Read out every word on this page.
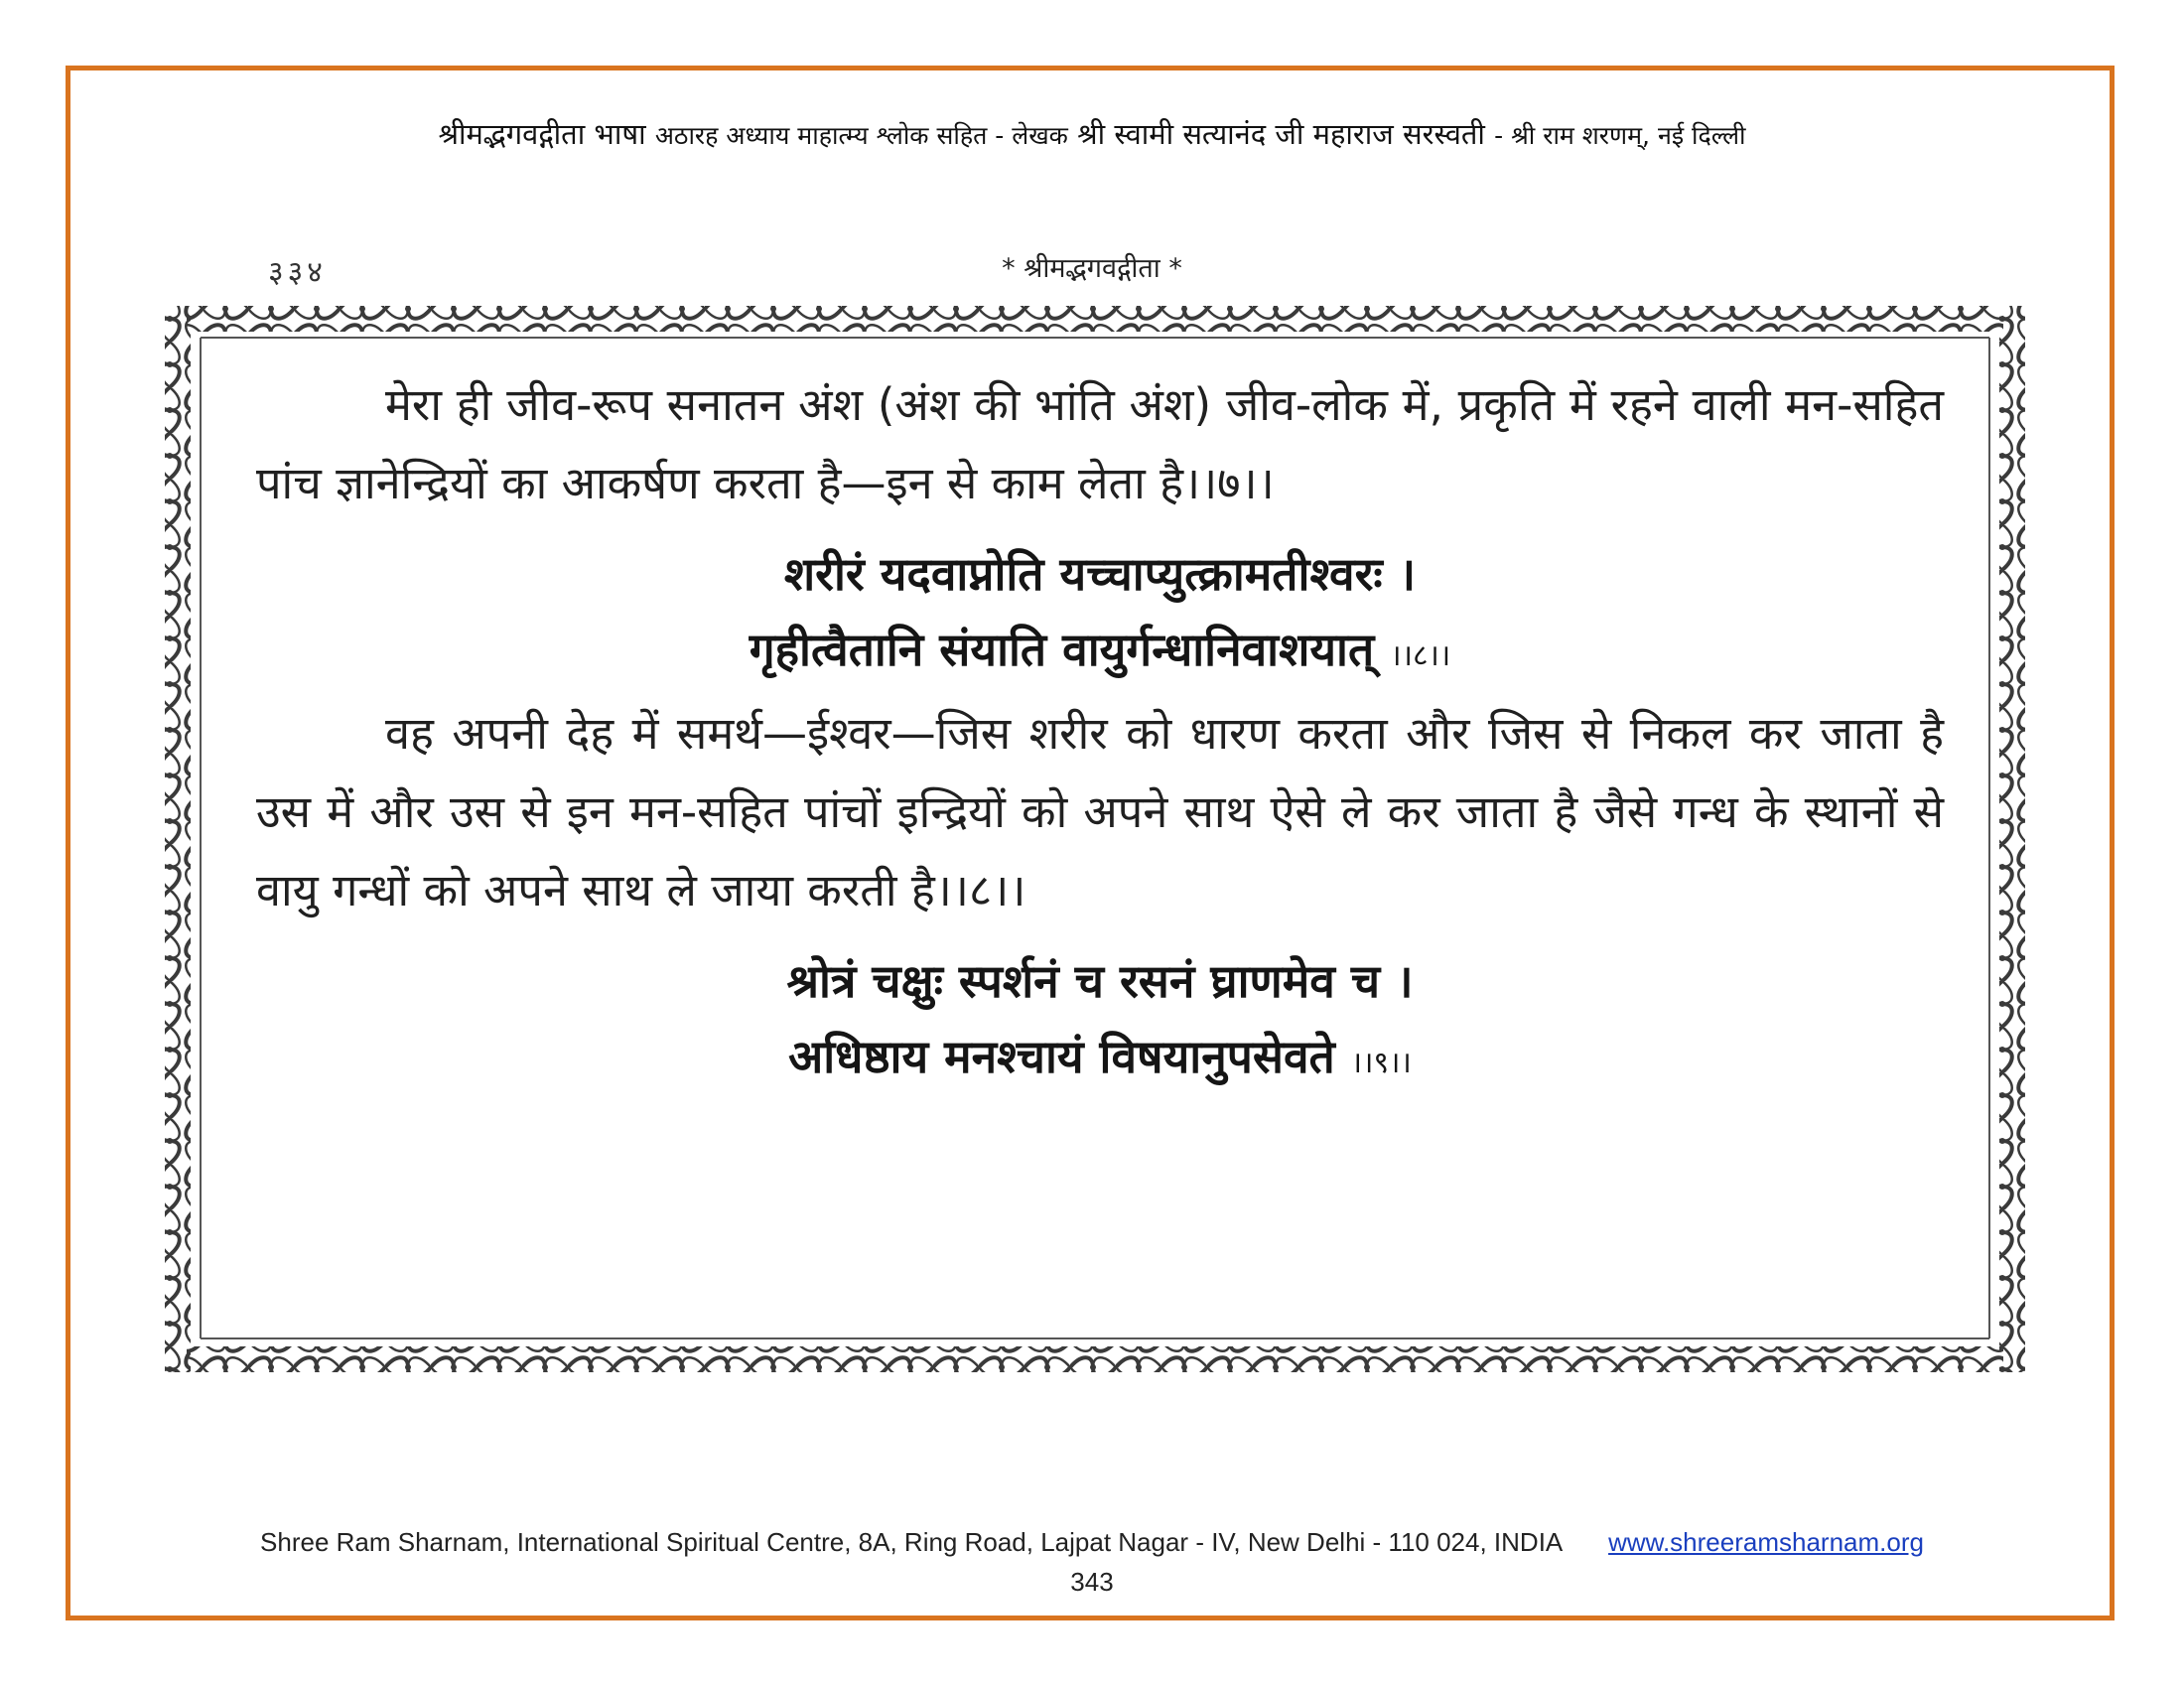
श्रीमद्भगवद्गीता भाषा अठारह अध्याय माहात्म्य श्लोक सहित - लेखक श्री स्वामी सत्यानंद जी महाराज सरस्वती - श्री राम शरणम्, नई दिल्ली
३३४	* श्रीमद्भगवद्गीता *

मेरा ही जीव-रूप सनातन अंश (अंश की भांति अंश) जीव-लोक में, प्रकृति में रहने वाली मन-सहित पांच ज्ञानेन्द्रियों का आकर्षण करता है—इन से काम लेता है।।७।।

शरीरं यदवाप्नोति यच्चाप्युत्क्रामतीश्वरः ।

गृहीत्वैतानि संयाति वायुर्गन्धानिवाशयात् ।।८।।

वह अपनी देह में समर्थ—ईश्वर—जिस शरीर को धारण करता और जिस से निकल कर जाता है उस में और उस से इन मन-सहित पांचों इन्द्रियों को अपने साथ ऐसे ले कर जाता है जैसे गन्ध के स्थानों से वायु गन्धों को अपने साथ ले जाया करती है।।८।।

श्रोत्रं चक्षुः स्पर्शनं च रसनं घ्राणमेव च ।

अधिष्ठाय मनश्चायं विषयानुपसेवते ।।९।।

Shree Ram Sharnam, International Spiritual Centre, 8A, Ring Road, Lajpat Nagar - IV, New Delhi - 110 024, INDIA www.shreeramsharnam.org
343
